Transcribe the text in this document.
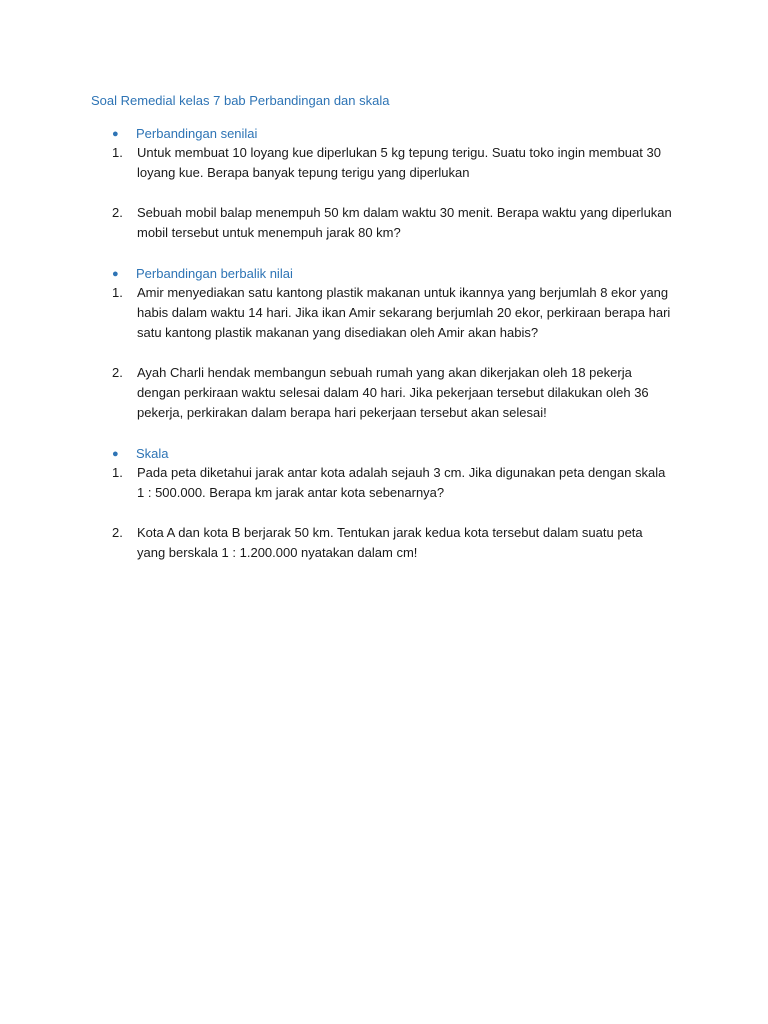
Soal Remedial kelas 7 bab Perbandingan dan skala
● Perbandingan senilai
1. Untuk membuat 10 loyang kue diperlukan 5 kg tepung terigu. Suatu toko ingin membuat 30 loyang kue. Berapa banyak tepung terigu yang diperlukan
2. Sebuah mobil balap menempuh 50 km dalam waktu 30 menit. Berapa waktu yang diperlukan mobil tersebut untuk menempuh jarak 80 km?
● Perbandingan berbalik nilai
1. Amir menyediakan satu kantong plastik makanan untuk ikannya yang berjumlah 8 ekor yang habis dalam waktu 14 hari. Jika ikan Amir sekarang berjumlah 20 ekor, perkiraan berapa hari satu kantong plastik makanan yang disediakan oleh Amir akan habis?
2. Ayah Charli hendak membangun sebuah rumah yang akan dikerjakan oleh 18 pekerja dengan perkiraan waktu selesai dalam 40 hari. Jika pekerjaan tersebut dilakukan oleh 36 pekerja, perkirakan dalam berapa hari pekerjaan tersebut akan selesai!
● Skala
1. Pada peta diketahui jarak antar kota adalah sejauh 3 cm. Jika digunakan peta dengan skala 1 : 500.000. Berapa km jarak antar kota sebenarnya?
2. Kota A dan kota B berjarak 50 km. Tentukan jarak kedua kota tersebut dalam suatu peta yang berskala 1 : 1.200.000 nyatakan dalam cm!
